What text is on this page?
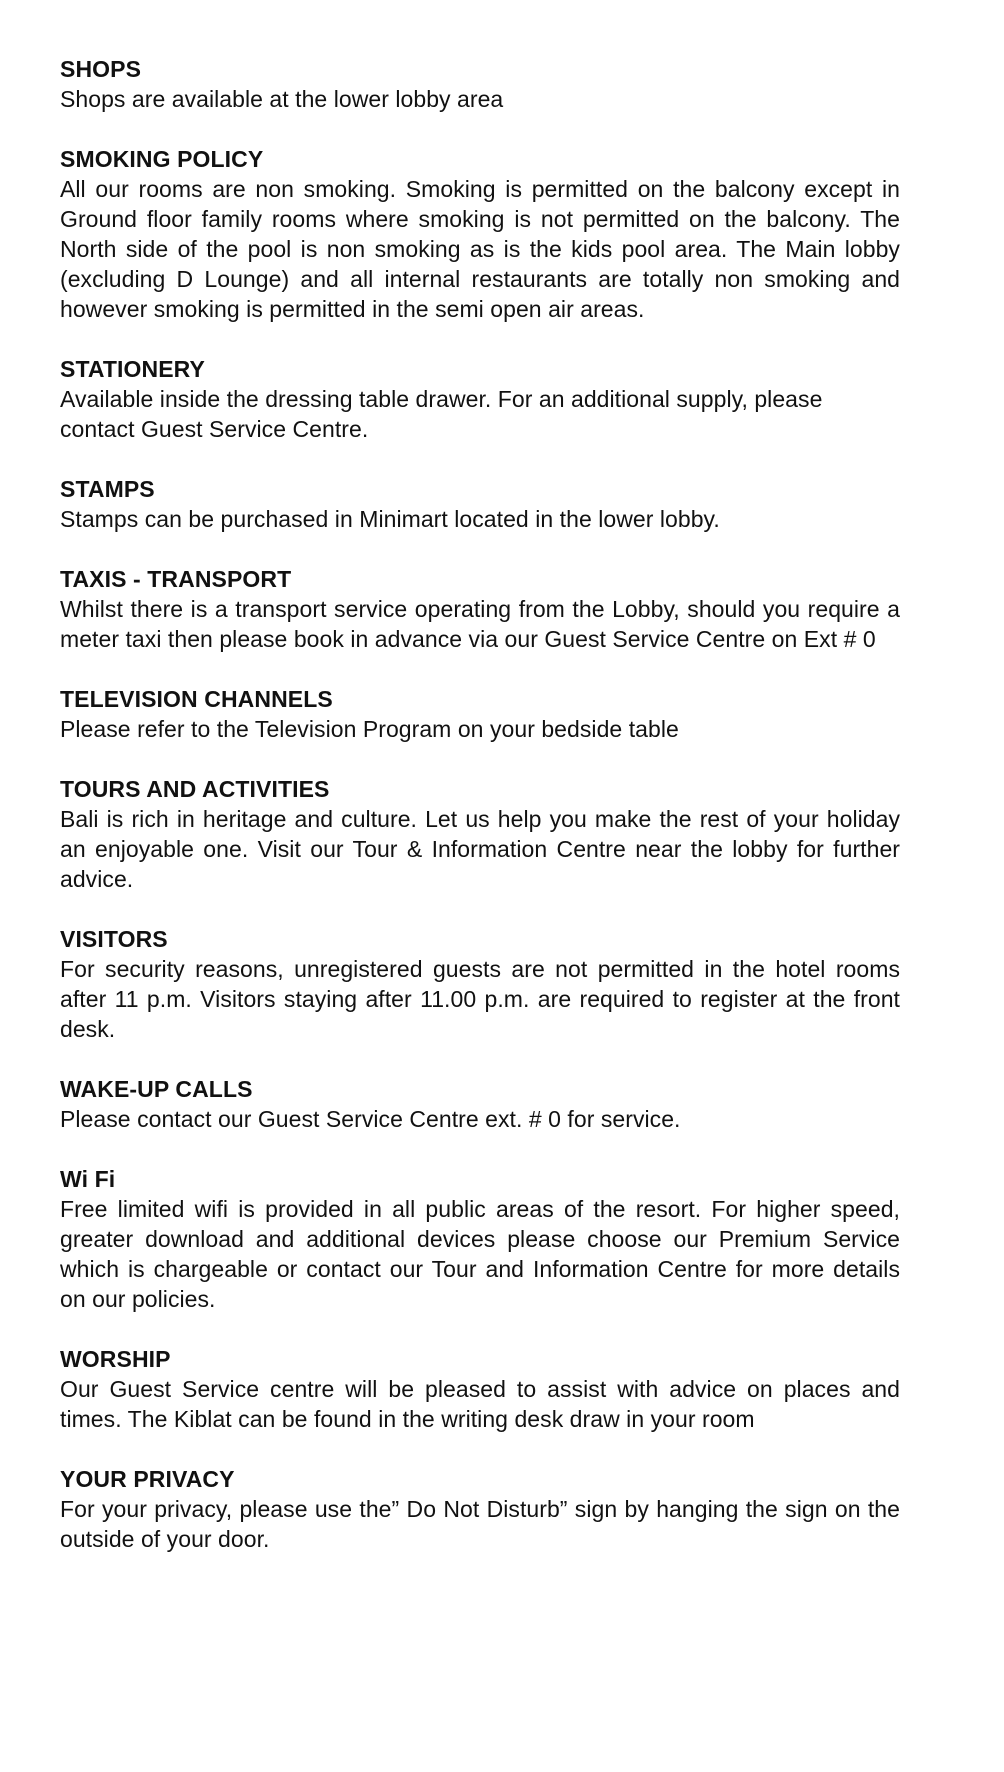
SHOPS

Shops are available at the lower lobby area

SMOKING POLICY

All our rooms are non smoking. Smoking is permitted on the balcony except in Ground floor family rooms where smoking is not permitted on the balcony. The North side of the pool is non smoking as is the kids pool area. The Main lobby (excluding D Lounge) and all internal restaurants are totally non smoking and however smoking is permitted in the semi open air areas.

STATIONERY

Available inside the dressing table drawer. For an additional supply, please contact Guest Service Centre.

STAMPS

Stamps can be purchased in Minimart located in the lower lobby.

TAXIS - TRANSPORT

Whilst there is a transport service operating from the Lobby, should you require a meter taxi then please book in advance via our Guest Service Centre on Ext # 0

TELEVISION CHANNELS

Please refer to the Television Program on your bedside table

TOURS AND ACTIVITIES

Bali is rich in heritage and culture. Let us help you make the rest of your holiday an enjoyable one. Visit our Tour & Information Centre near the lobby for further advice.

VISITORS

For security reasons, unregistered guests are not permitted in the hotel rooms after 11 p.m. Visitors staying after 11.00 p.m. are required to register at the front desk.

WAKE-UP CALLS

Please contact our Guest Service Centre ext. # 0 for service.

Wi Fi

Free limited wifi is provided in all public areas of the resort. For higher speed, greater download and additional devices please choose our Premium Service which is chargeable or contact our Tour and Information Centre for more details on our policies.

WORSHIP

Our Guest Service centre will be pleased to assist with advice on places and times. The Kiblat can be found in the writing desk draw in your room

YOUR PRIVACY

For your privacy, please use the” Do Not Disturb” sign by hanging the sign on the outside of your door.
